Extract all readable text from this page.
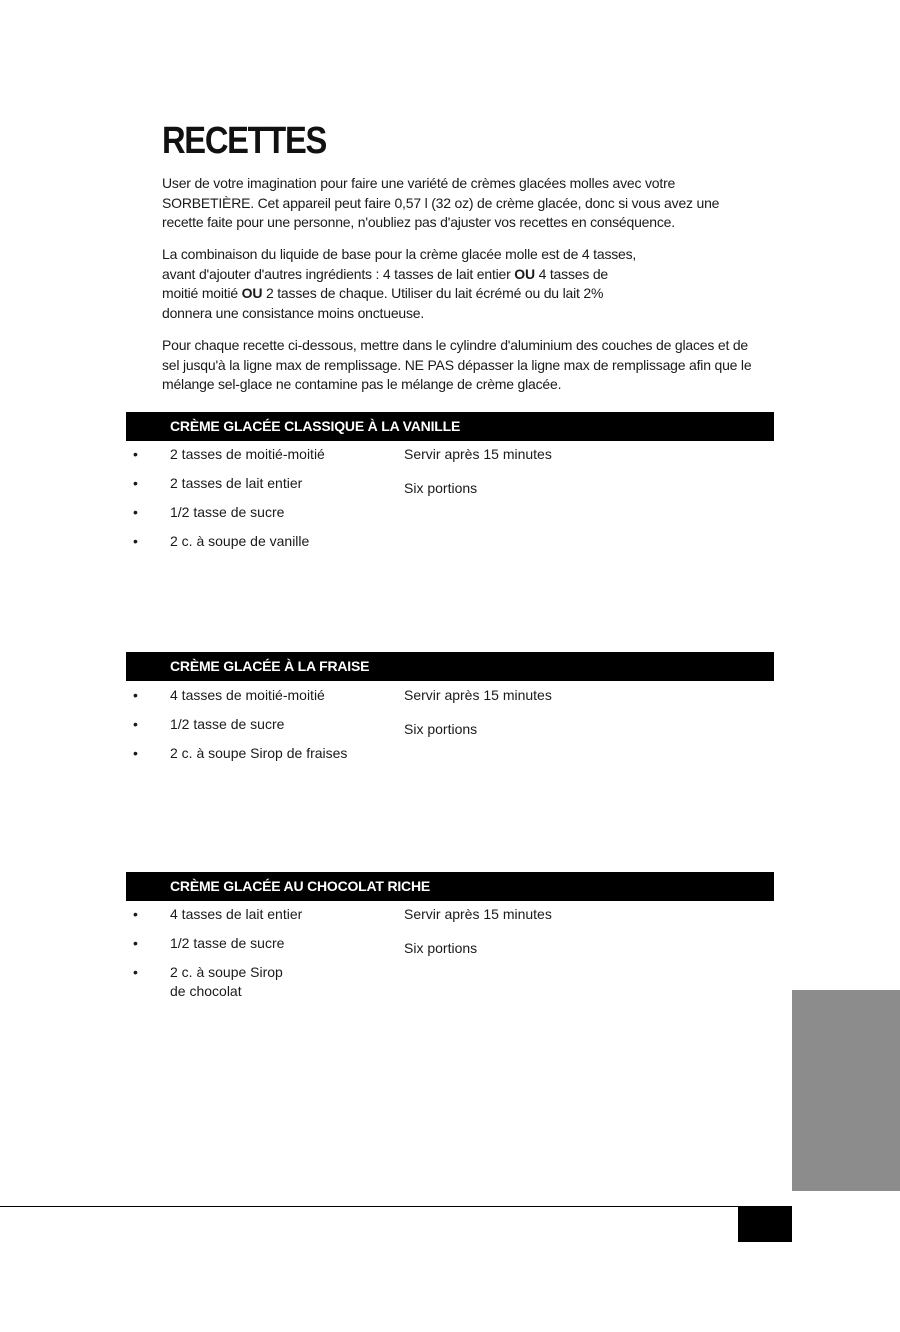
RECETTES

User de votre imagination pour faire une variété de crèmes glacées molles avec votre SORBETIÈRE. Cet appareil peut faire 0,57 l (32 oz) de crème glacée, donc si vous avez une recette faite pour une personne, n'oubliez pas d'ajuster vos recettes en conséquence.

La combinaison du liquide de base pour la crème glacée molle est de 4 tasses, avant d'ajouter d'autres ingrédients : 4 tasses de lait entier OU 4 tasses de moitié moitié OU 2 tasses de chaque. Utiliser du lait écrémé ou du lait 2% donnera une consistance moins onctueuse.

Pour chaque recette ci-dessous, mettre dans le cylindre d'aluminium des couches de glaces et de sel jusqu'à la ligne max de remplissage. NE PAS dépasser la ligne max de remplissage afin que le mélange sel-glace ne contamine pas le mélange de crème glacée.

CRÈME GLACÉE CLASSIQUE À LA VANILLE
• 2 tasses de moitié-moitié
• 2 tasses de lait entier
• 1/2 tasse de sucre
• 2 c. à soupe de vanille
Servir après 15 minutes
Six portions
CRÈME GLACÉE À LA FRAISE
• 4 tasses de moitié-moitié
• 1/2 tasse de sucre
• 2 c. à soupe Sirop de fraises
Servir après 15 minutes
Six portions
CRÈME GLACÉE AU CHOCOLAT RICHE
• 4 tasses de lait entier
• 1/2 tasse de sucre
• 2 c. à soupe Sirop de chocolat
Servir après 15 minutes
Six portions
